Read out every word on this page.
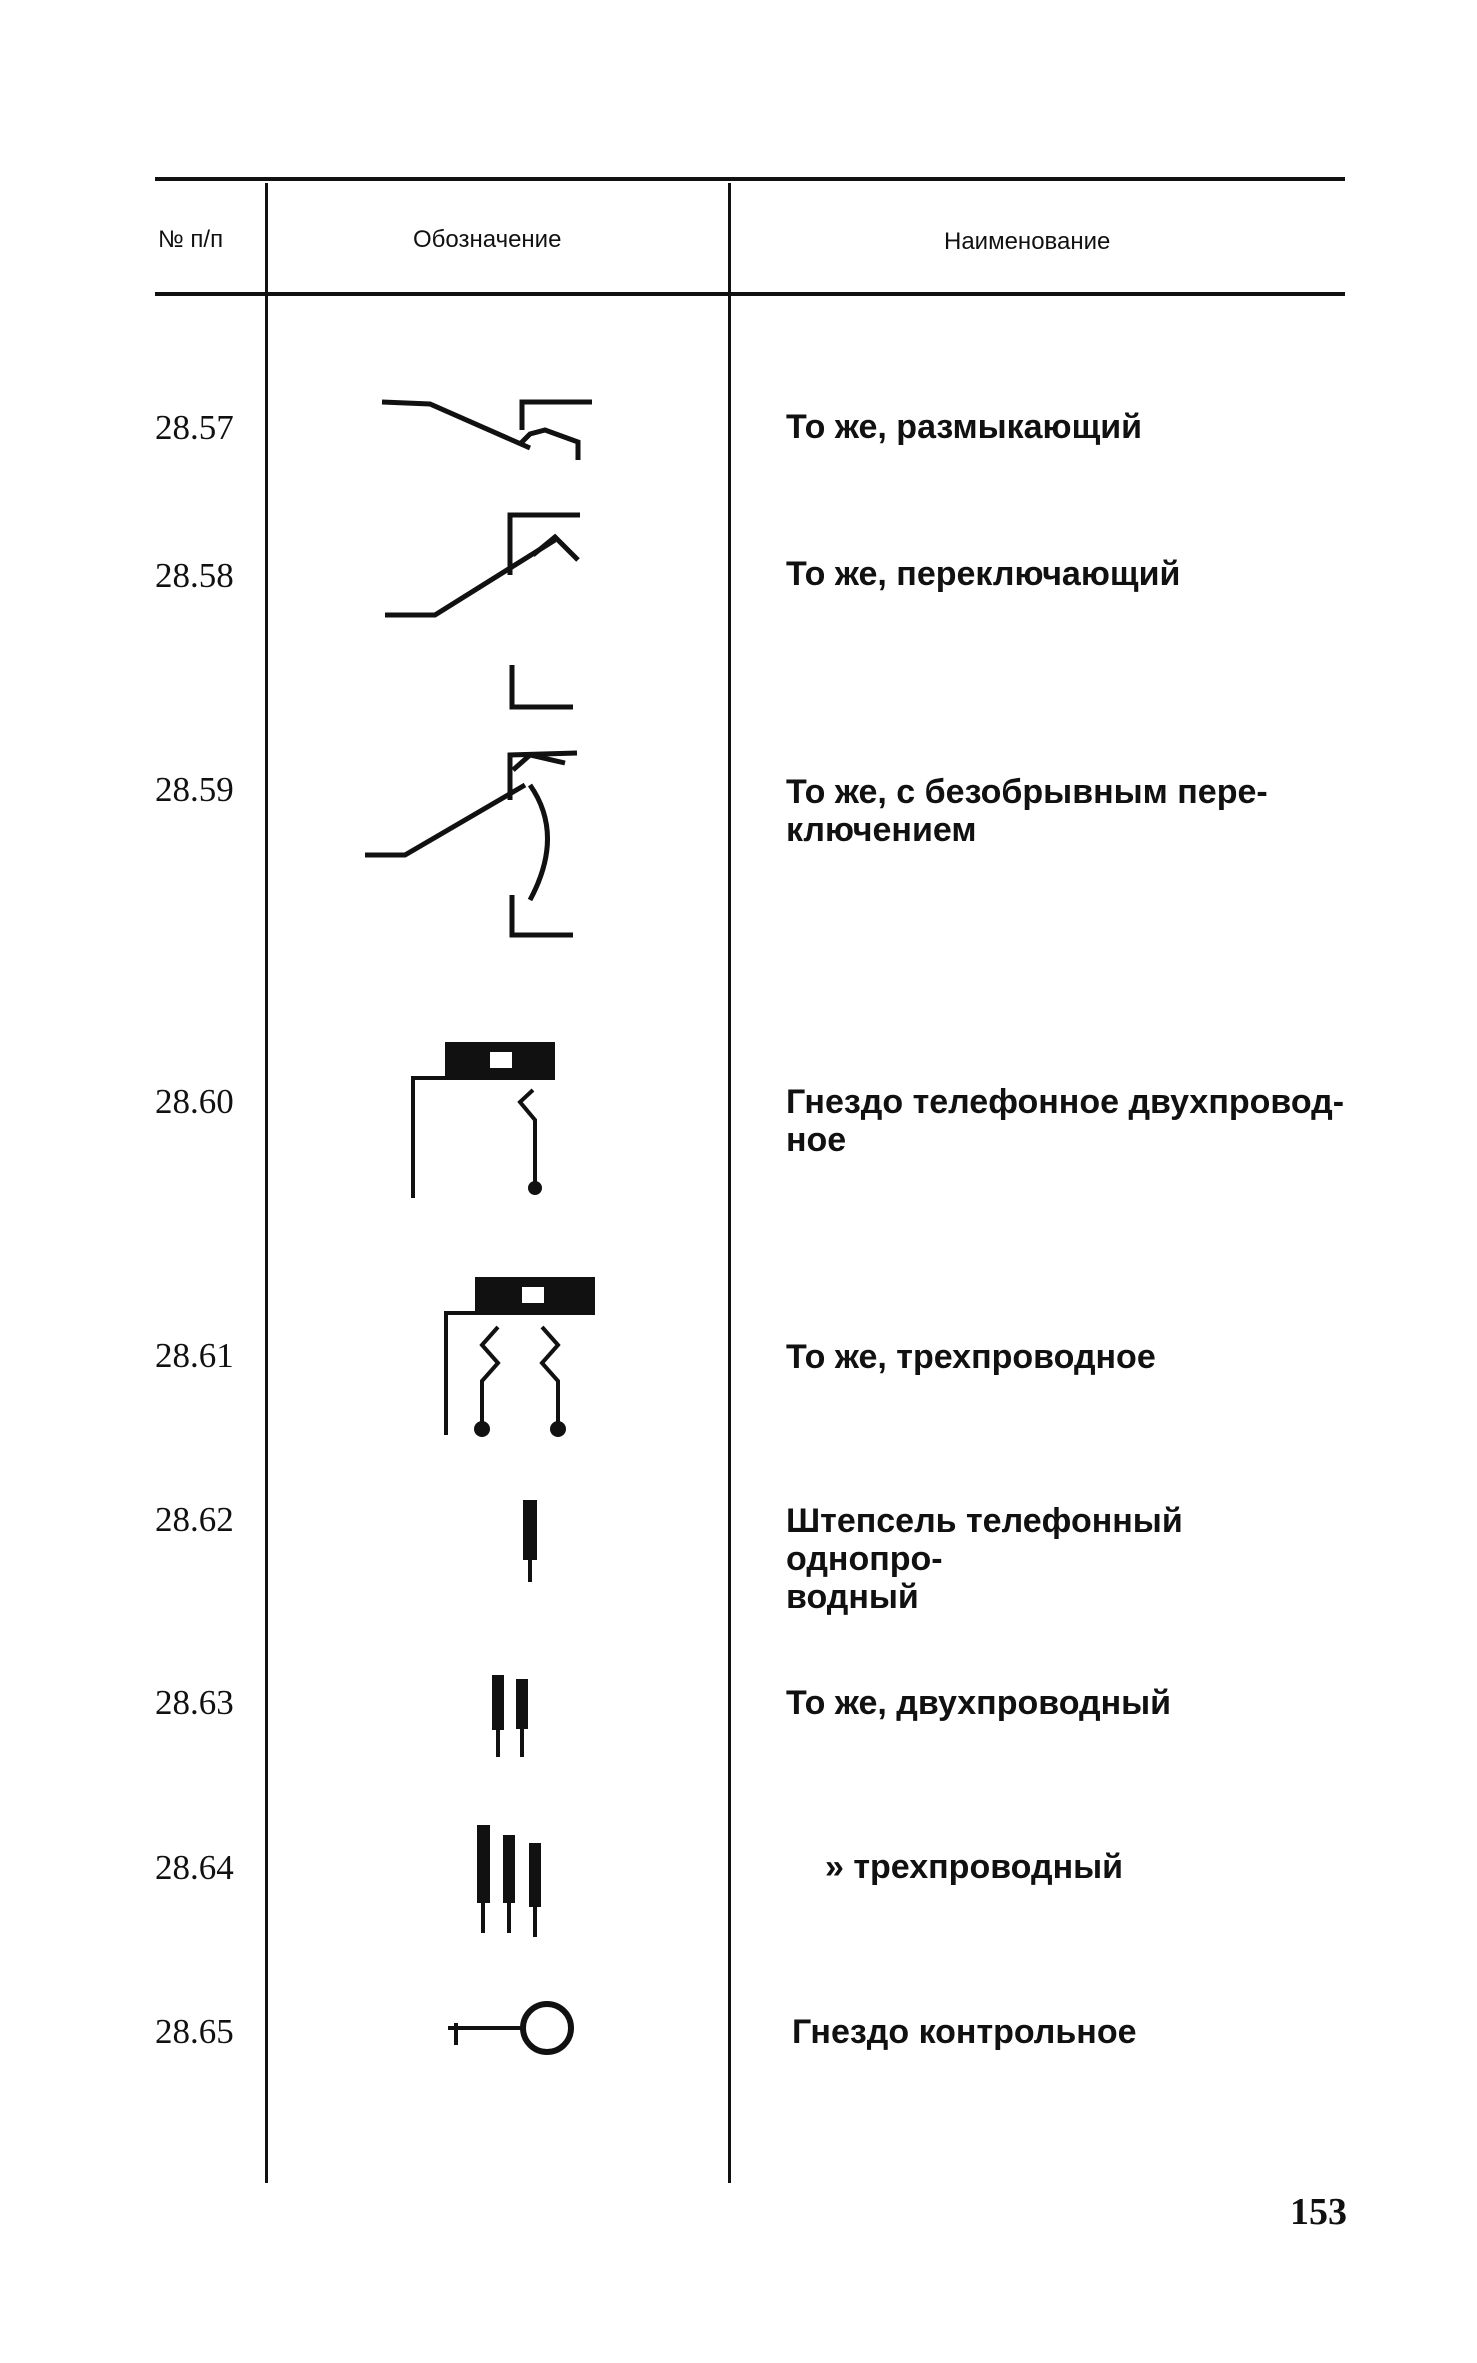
№ п/п	Обозначение	Наименование
28.57
28.58
28.59
28.60
28.61
28.62
28.63
28.64
28.65
То же, размыкающий
То же, переключающий
То же, с безобрывным пере-
ключением
Гнездо телефонное двухпровод-
ное
То же, трехпроводное
Штепсель телефонный однопро-
водный
То же, двухпроводный
» трехпроводный
Гнездо контрольное
153
